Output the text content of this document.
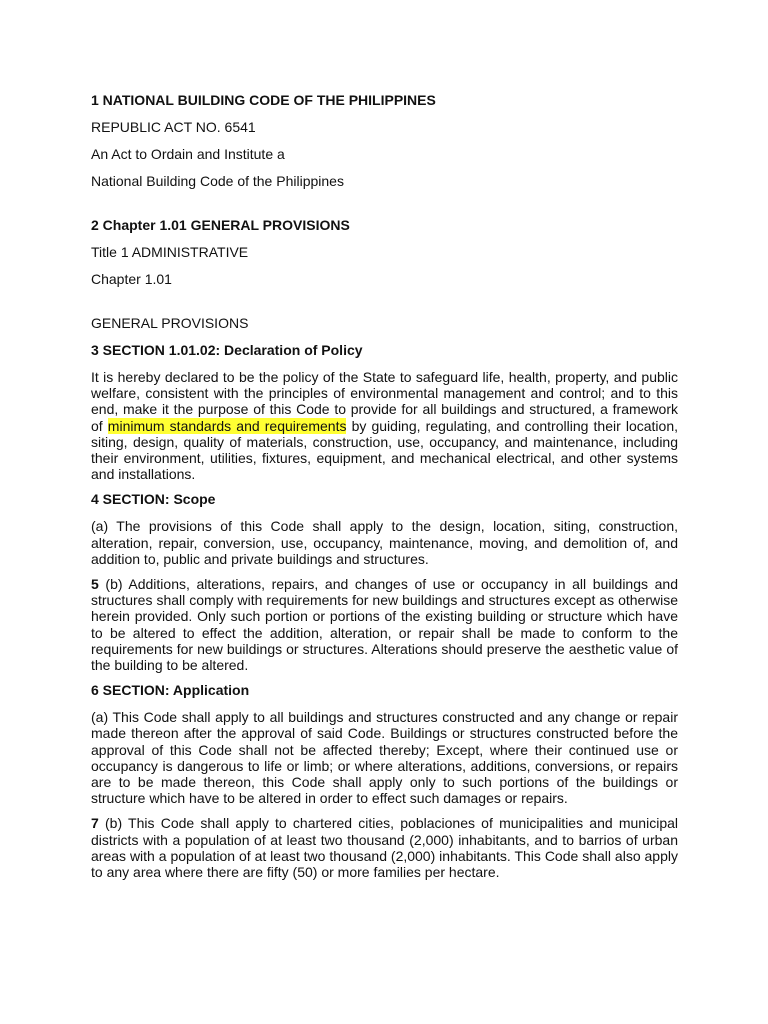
1 NATIONAL BUILDING CODE OF THE PHILIPPINES

REPUBLIC ACT NO. 6541

An Act to Ordain and Institute a

National Building Code of the Philippines

2 Chapter 1.01 GENERAL PROVISIONS

Title 1 ADMINISTRATIVE

Chapter 1.01

GENERAL PROVISIONS

3 SECTION 1.01.02: Declaration of Policy

It is hereby declared to be the policy of the State to safeguard life, health, property, and public welfare, consistent with the principles of environmental management and control; and to this end, make it the purpose of this Code to provide for all buildings and structured, a framework of minimum standards and requirements by guiding, regulating, and controlling their location, siting, design, quality of materials, construction, use, occupancy, and maintenance, including their environment, utilities, fixtures, equipment, and mechanical electrical, and other systems and installations.

4 SECTION: Scope

(a) The provisions of this Code shall apply to the design, location, siting, construction, alteration, repair, conversion, use, occupancy, maintenance, moving, and demolition of, and addition to, public and private buildings and structures.

5 (b) Additions, alterations, repairs, and changes of use or occupancy in all buildings and structures shall comply with requirements for new buildings and structures except as otherwise herein provided. Only such portion or portions of the existing building or structure which have to be altered to effect the addition, alteration, or repair shall be made to conform to the requirements for new buildings or structures. Alterations should preserve the aesthetic value of the building to be altered.

6 SECTION: Application

(a) This Code shall apply to all buildings and structures constructed and any change or repair made thereon after the approval of said Code. Buildings or structures constructed before the approval of this Code shall not be affected thereby; Except, where their continued use or occupancy is dangerous to life or limb; or where alterations, additions, conversions, or repairs are to be made thereon, this Code shall apply only to such portions of the buildings or structure which have to be altered in order to effect such damages or repairs.

7 (b) This Code shall apply to chartered cities, poblaciones of municipalities and municipal districts with a population of at least two thousand (2,000) inhabitants, and to barrios of urban areas with a population of at least two thousand (2,000) inhabitants. This Code shall also apply to any area where there are fifty (50) or more families per hectare.
